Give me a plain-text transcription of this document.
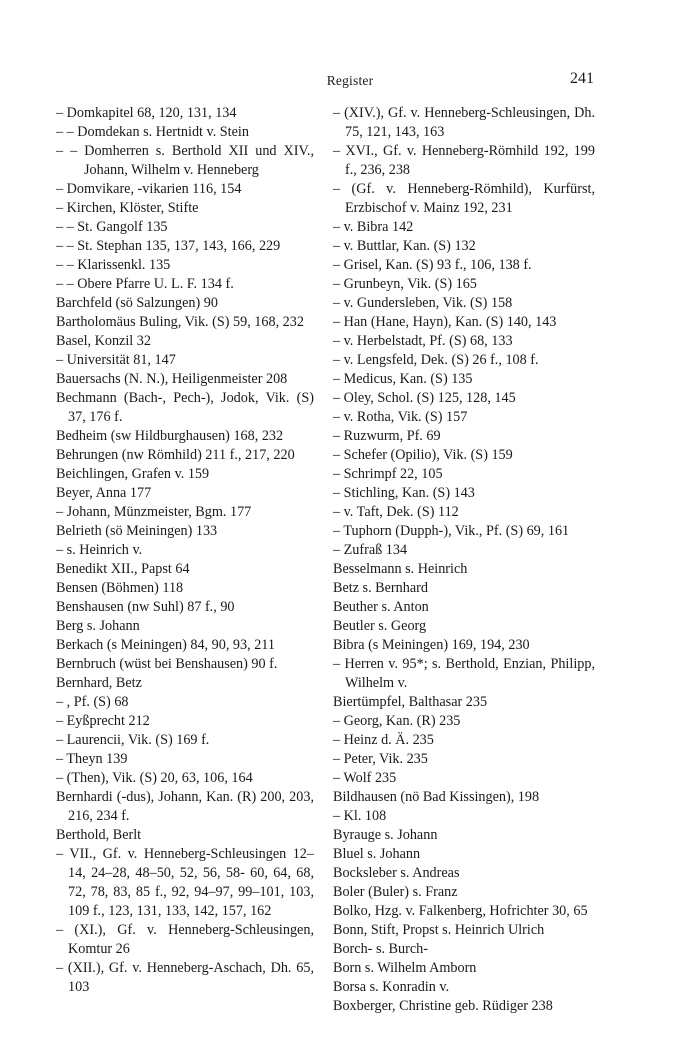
Register	241
– Domkapitel 68, 120, 131, 134
– – Domdekan s. Hertnidt v. Stein
– – Domherren s. Berthold XII und XIV., Johann, Wilhelm v. Henneberg
– Domvikare, -vikarien 116, 154
– Kirchen, Klöster, Stifte
– – St. Gangolf 135
– – St. Stephan 135, 137, 143, 166, 229
– – Klarissenkl. 135
– – Obere Pfarre U. L. F. 134 f.
Barchfeld (sö Salzungen) 90
Bartholomäus Buling, Vik. (S) 59, 168, 232
Basel, Konzil 32
– Universität 81, 147
Bauersachs (N. N.), Heiligenmeister 208
Bechmann (Bach-, Pech-), Jodok, Vik. (S) 37, 176 f.
Bedheim (sw Hildburghausen) 168, 232
Behrungen (nw Römhild) 211 f., 217, 220
Beichlingen, Grafen v. 159
Beyer, Anna 177
– Johann, Münzmeister, Bgm. 177
Belrieth (sö Meiningen) 133
– s. Heinrich v.
Benedikt XII., Papst 64
Bensen (Böhmen) 118
Benshausen (nw Suhl) 87 f., 90
Berg s. Johann
Berkach (s Meiningen) 84, 90, 93, 211
Bernbruch (wüst bei Benshausen) 90 f.
Bernhard, Betz
– , Pf. (S) 68
– Eyßprecht 212
– Laurencii, Vik. (S) 169 f.
– Theyn 139
– (Then), Vik. (S) 20, 63, 106, 164
Bernhardi (-dus), Johann, Kan. (R) 200, 203, 216, 234 f.
Berthold, Berlt
– VII., Gf. v. Henneberg-Schleusingen 12–14, 24–28, 48–50, 52, 56, 58- 60, 64, 68, 72, 78, 83, 85 f., 92, 94–97, 99–101, 103, 109 f., 123, 131, 133, 142, 157, 162
– (XI.), Gf. v. Henneberg-Schleusingen, Komtur 26
– (XII.), Gf. v. Henneberg-Aschach, Dh. 65, 103
– (XIV.), Gf. v. Henneberg-Schleusingen, Dh. 75, 121, 143, 163
– XVI., Gf. v. Henneberg-Römhild 192, 199 f., 236, 238
– (Gf. v. Henneberg-Römhild), Kurfürst, Erzbischof v. Mainz 192, 231
– v. Bibra 142
– v. Buttlar, Kan. (S) 132
– Grisel, Kan. (S) 93 f., 106, 138 f.
– Grunbeyn, Vik. (S) 165
– v. Gundersleben, Vik. (S) 158
– Han (Hane, Hayn), Kan. (S) 140, 143
– v. Herbelstadt, Pf. (S) 68, 133
– v. Lengsfeld, Dek. (S) 26 f., 108 f.
– Medicus, Kan. (S) 135
– Oley, Schol. (S) 125, 128, 145
– v. Rotha, Vik. (S) 157
– Ruzwurm, Pf. 69
– Schefer (Opilio), Vik. (S) 159
– Schrimpf 22, 105
– Stichling, Kan. (S) 143
– v. Taft, Dek. (S) 112
– Tuphorn (Dupph-), Vik., Pf. (S) 69, 161
– Zufraß 134
Besselmann s. Heinrich
Betz s. Bernhard
Beuther s. Anton
Beutler s. Georg
Bibra (s Meiningen) 169, 194, 230
– Herren v. 95*; s. Berthold, Enzian, Philipp, Wilhelm v.
Biertümpfel, Balthasar 235
– Georg, Kan. (R) 235
– Heinz d. Ä. 235
– Peter, Vik. 235
– Wolf 235
Bildhausen (nö Bad Kissingen), 198
– Kl. 108
Byrauge s. Johann
Bluel s. Johann
Bocksleber s. Andreas
Boler (Buler) s. Franz
Bolko, Hzg. v. Falkenberg, Hofrichter 30, 65
Bonn, Stift, Propst s. Heinrich Ulrich
Borch- s. Burch-
Born s. Wilhelm Amborn
Borsa s. Konradin v.
Boxberger, Christine geb. Rüdiger 238
